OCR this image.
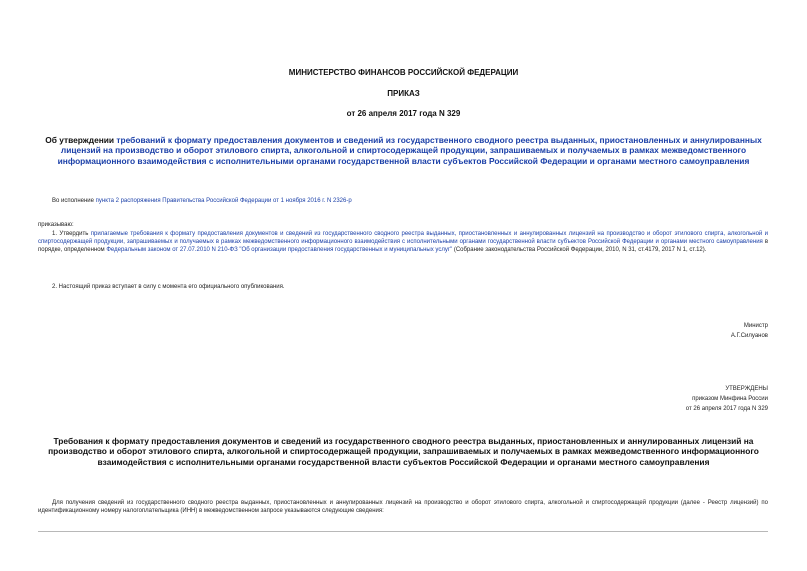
МИНИСТЕРСТВО ФИНАНСОВ РОССИЙСКОЙ ФЕДЕРАЦИИ
ПРИКАЗ
от 26 апреля 2017 года N 329
Об утверждении требований к формату предоставления документов и сведений из государственного сводного реестра выданных, приостановленных и аннулированных лицензий на производство и оборот этилового спирта, алкогольной и спиртосодержащей продукции, запрашиваемых и получаемых в рамках межведомственного информационного взаимодействия с исполнительными органами государственной власти субъектов Российской Федерации и органами местного самоуправления
Во исполнение пункта 2 распоряжения Правительства Российской Федерации от 1 ноября 2016 г. N 2326-р
приказываю:
1. Утвердить прилагаемые требования к формату предоставления документов и сведений из государственного сводного реестра выданных, приостановленных и аннулированных лицензий на производство и оборот этилового спирта, алкогольной и спиртосодержащей продукции, запрашиваемых и получаемых в рамках межведомственного информационного взаимодействия с исполнительными органами государственной власти субъектов Российской Федерации и органами местного самоуправления в порядке, определенном Федеральным законом от 27.07.2010 N 210-ФЗ "Об организации предоставления государственных и муниципальных услуг" (Собрание законодательства Российской Федерации, 2010, N 31, ст.4179, 2017 N 1, ст.12).
2. Настоящий приказ вступает в силу с момента его официального опубликования.
Министр
А.Г.Силуанов
УТВЕРЖДЕНЫ
приказом Минфина России
от 26 апреля 2017 года N 329
Требования к формату предоставления документов и сведений из государственного сводного реестра выданных, приостановленных и аннулированных лицензий на производство и оборот этилового спирта, алкогольной и спиртосодержащей продукции, запрашиваемых и получаемых в рамках межведомственного информационного взаимодействия с исполнительными органами государственной власти субъектов Российской Федерации и органами местного самоуправления
Для получения сведений из государственного сводного реестра выданных, приостановленных и аннулированных лицензий на производство и оборот этилового спирта, алкогольной и спиртосодержащей продукции (далее - Реестр лицензий) по идентификационному номеру налогоплательщика (ИНН) в межведомственном запросе указываются следующие сведения:
